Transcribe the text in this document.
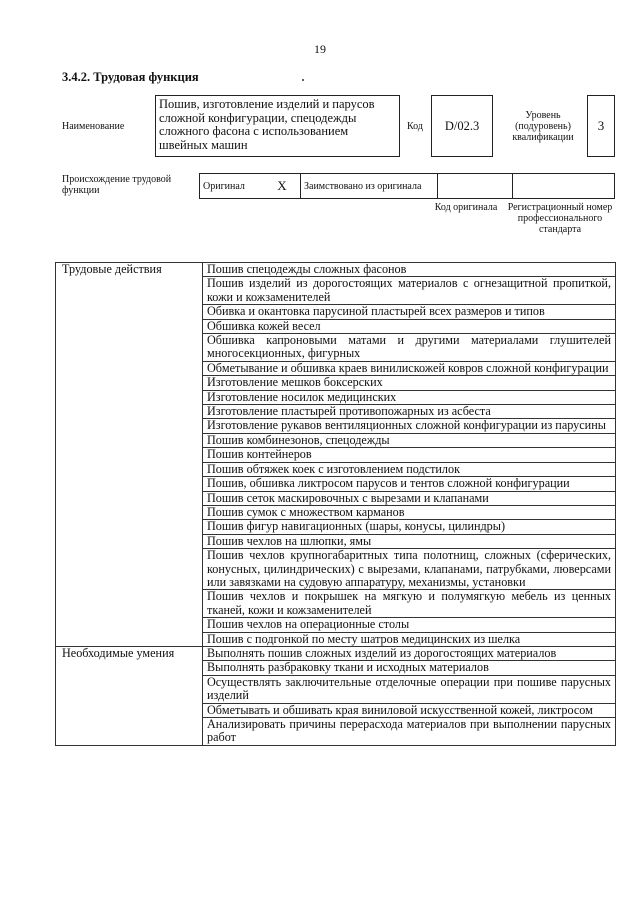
19
3.4.2. Трудовая функция
Наименование
Пошив, изготовление изделий и парусов сложной конфигурации, спецодежды сложного фасона с использованием швейных машин
Код D/02.3
Уровень (подуровень) квалификации
3
Происхождение трудовой функции	Оригинал	X	Заимствовано из оригинала		
Код оригинала	Регистрационный номер профессионального стандарта
Трудовые действия	Пошив спецодежды сложных фасонов
	Пошив изделий из дорогостоящих материалов с огнезащитной пропиткой, кожи и кожзаменителей
	Обивка и окантовка парусиной пластырей всех размеров и типов
	Обшивка кожей весел
	Обшивка капроновыми матами и другими материалами глушителей многосекционных, фигурных
	Обметывание и обшивка краев винилискожей ковров сложной конфигурации
	Изготовление мешков боксерских
	Изготовление носилок медицинских
	Изготовление пластырей противопожарных из асбеста
	Изготовление рукавов вентиляционных сложной конфигурации из парусины
	Пошив комбинезонов, спецодежды
	Пошив контейнеров
	Пошив обтяжек коек с изготовлением подстилок
	Пошив, обшивка ликтросом парусов и тентов сложной конфигурации
	Пошив сеток маскировочных с вырезами и клапанами
	Пошив сумок с множеством карманов
	Пошив фигур навигационных (шары, конусы, цилиндры)
	Пошив чехлов на шлюпки, ямы
	Пошив чехлов крупногабаритных типа полотнищ, сложных (сферических, конусных, цилиндрических) с вырезами, клапанами, патрубками, люверсами или завязками на судовую аппаратуру, механизмы, установки
	Пошив чехлов и покрышек на мягкую и полумягкую мебель из ценных тканей, кожи и кожзаменителей
	Пошив чехлов на операционные столы
	Пошив с подгонкой по месту шатров медицинских из шелка
Необходимые умения	Выполнять пошив сложных изделий из дорогостоящих материалов
	Выполнять разбраковку ткани и исходных материалов
	Осуществлять заключительные отделочные операции при пошиве парусных изделий
	Обметывать и обшивать края виниловой искусственной кожей, ликтросом
	Анализировать причины перерасхода материалов при выполнении парусных работ
